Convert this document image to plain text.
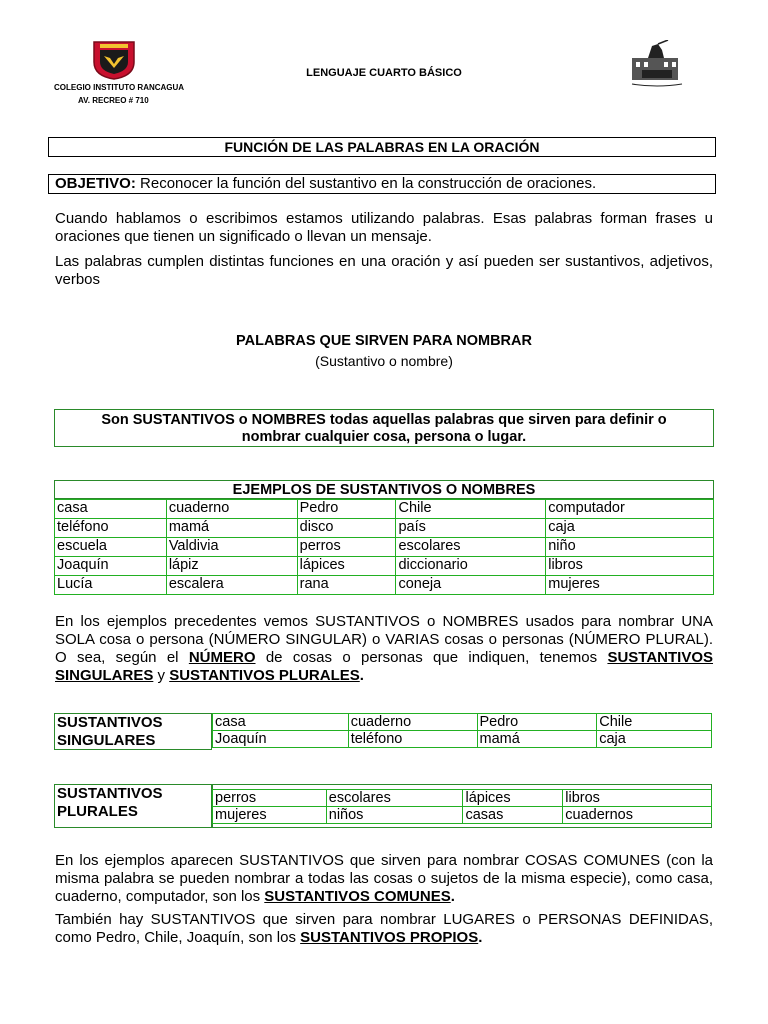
COLEGIO INSTITUTO RANCAGUA
AV. RECREO # 710
LENGUAJE CUARTO BÁSICO
FUNCIÓN DE LAS PALABRAS EN LA ORACIÓN
OBJETIVO: Reconocer la función del sustantivo en la construcción de oraciones.
Cuando hablamos o escribimos estamos utilizando palabras. Esas palabras forman frases u oraciones que tienen un significado o llevan un mensaje.
Las palabras cumplen distintas funciones en una oración y así pueden ser sustantivos, adjetivos, verbos
PALABRAS QUE SIRVEN PARA NOMBRAR
(Sustantivo o nombre)
Son SUSTANTIVOS o NOMBRES todas aquellas palabras que sirven para definir o nombrar cualquier cosa, persona o lugar.
EJEMPLOS DE SUSTANTIVOS O NOMBRES
casa	cuaderno	Pedro	Chile	computador
teléfono	mamá	disco	país	caja
escuela	Valdivia	perros	escolares	niño
Joaquín	lápiz	lápices	diccionario	libros
Lucía	escalera	rana	coneja	mujeres
En los ejemplos precedentes vemos SUSTANTIVOS o NOMBRES usados para nombrar UNA SOLA cosa o persona (NÚMERO SINGULAR) o VARIAS cosas o personas (NÚMERO PLURAL). O sea, según el NÚMERO de cosas o personas que indiquen, tenemos SUSTANTIVOS SINGULARES y SUSTANTIVOS PLURALES.
SUSTANTIVOS SINGULARES
casa	cuaderno	Pedro	Chile
Joaquín	teléfono	mamá	caja
SUSTANTIVOS PLURALES
perros	escolares	lápices	libros
mujeres	niños	casas	cuadernos
En los ejemplos aparecen SUSTANTIVOS que sirven para nombrar COSAS COMUNES (con la misma palabra se pueden nombrar a todas las cosas o sujetos de la misma especie), como casa, cuaderno, computador, son los SUSTANTIVOS COMUNES.
También hay SUSTANTIVOS que sirven para nombrar LUGARES o PERSONAS DEFINIDAS, como Pedro, Chile, Joaquín, son los SUSTANTIVOS PROPIOS.
